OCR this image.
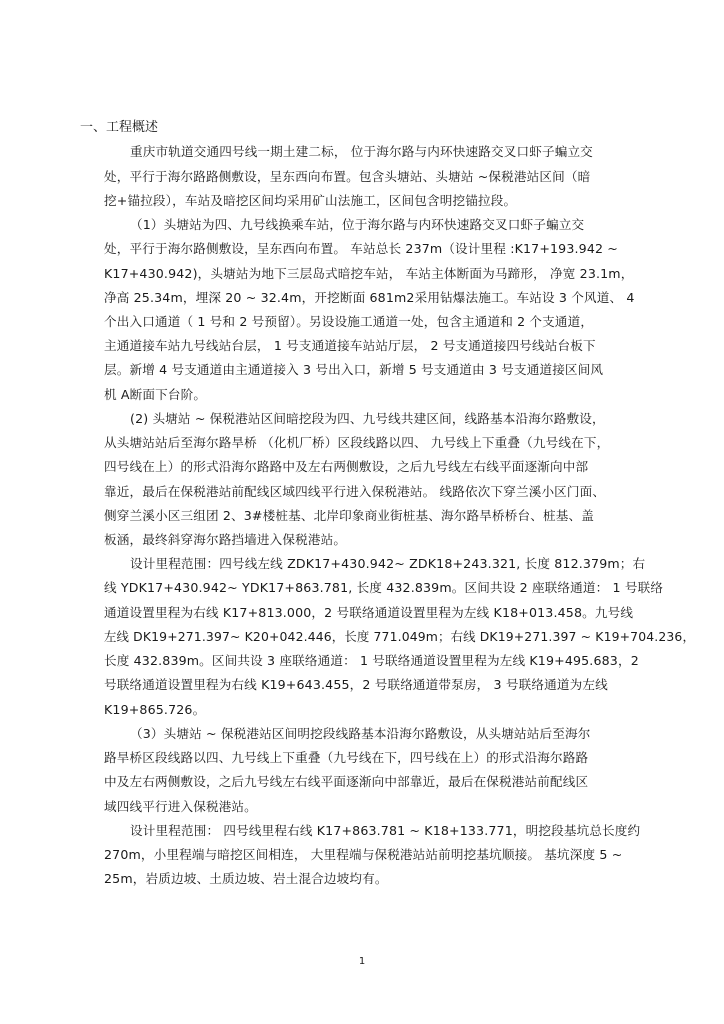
一、工程概述
重庆市轨道交通四号线一期土建二标， 位于海尔路与内环快速路交叉口虾子蝙立交
处，平行于海尔路路侧敷设，呈东西向布置。包含头塘站、头塘站 ~保税港站区间（暗
挖+锚拉段），车站及暗挖区间均采用矿山法施工，区间包含明挖锚拉段。
（1）头塘站为四、九号线换乘车站，位于海尔路与内环快速路交叉口虾子蝙立交
处，平行于海尔路侧敷设，呈东西向布置。 车站总长 237m（设计里程 :K17+193.942 ~
K17+430.942)，头塘站为地下三层岛式暗挖车站， 车站主体断面为马蹄形， 净宽 23.1m，
净高 25.34m，埋深 20 ~ 32.4m，开挖断面 681m2采用钻爆法施工。车站设 3 个风道、 4
个出入口通道（ 1 号和 2 号预留）。另设设施工通道一处，包含主通道和 2 个支通道，
主通道接车站九号线站台层， 1 号支通道接车站站厅层， 2 号支通道接四号线站台板下
层。新增 4 号支通道由主通道接入 3 号出入口，新增 5 号支通道由 3 号支通道接区间风
机 A断面下台阶。
(2) 头塘站 ~ 保税港站区间暗挖段为四、九号线共建区间，线路基本沿海尔路敷设，
从头塘站站后至海尔路旱桥 （化机厂桥）区段线路以四、 九号线上下重叠（九号线在下，
四号线在上）的形式沿海尔路路中及左右两侧敷设，之后九号线左右线平面逐渐向中部
靠近，最后在保税港站前配线区域四线平行进入保税港站。 线路依次下穿兰溪小区门面、
侧穿兰溪小区三组团 2、3#楼桩基、北岸印象商业街桩基、海尔路旱桥桥台、桩基、盖
板涵，最终斜穿海尔路挡墙进入保税港站。
设计里程范围：四号线左线 ZDK17+430.942~ ZDK18+243.321, 长度 812.379m；右
线 YDK17+430.942~ YDK17+863.781, 长度 432.839m。区间共设 2 座联络通道： 1 号联络
通道设置里程为右线 K17+813.000，2 号联络通道设置里程为左线 K18+013.458。九号线
左线 DK19+271.397~ K20+042.446，长度 771.049m；右线 DK19+271.397 ~ K19+704.236，
长度 432.839m。区间共设 3 座联络通道： 1 号联络通道设置里程为左线 K19+495.683，2
号联络通道设置里程为右线 K19+643.455，2 号联络通道带泵房， 3 号联络通道为左线
K19+865.726。
（3）头塘站 ~ 保税港站区间明挖段线路基本沿海尔路敷设，从头塘站站后至海尔
路旱桥区段线路以四、九号线上下重叠（九号线在下，四号线在上）的形式沿海尔路路
中及左右两侧敷设，之后九号线左右线平面逐渐向中部靠近，最后在保税港站前配线区
域四线平行进入保税港站。
设计里程范围： 四号线里程右线 K17+863.781 ~ K18+133.771，明挖段基坑总长度约
270m，小里程端与暗挖区间相连， 大里程端与保税港站站前明挖基坑顺接。 基坑深度 5 ~
25m，岩质边坡、土质边坡、岩土混合边坡均有。
1
